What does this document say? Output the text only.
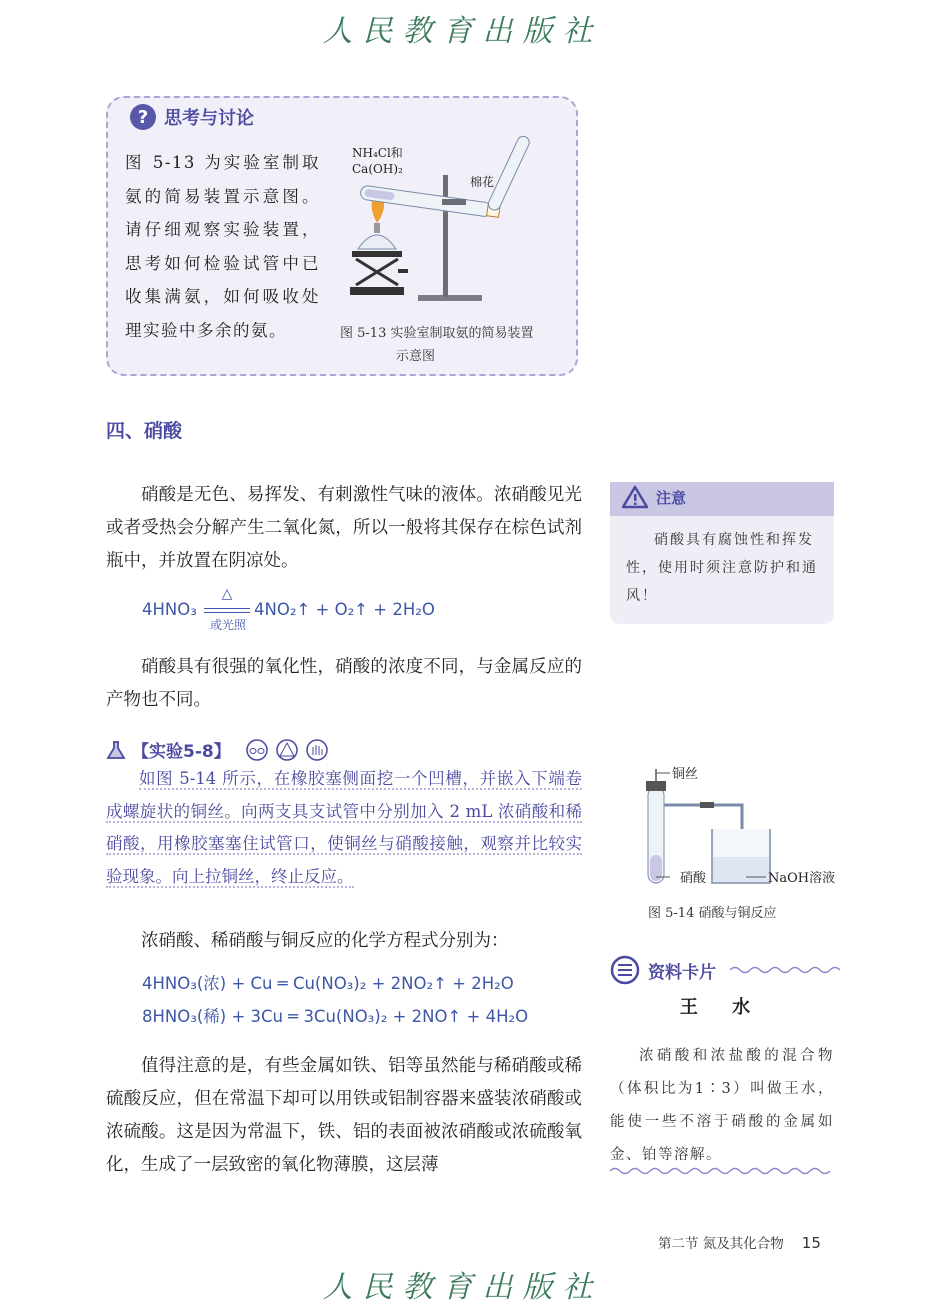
人民教育出版社
? 思考与讨论
图 5-13 为实验室制取氨的简易装置示意图。请仔细观察实验装置，思考如何检验试管中已收集满氨，如何吸收处理实验中多余的氨。
NH₄Cl和
Ca(OH)₂
棉花
图 5-13 实验室制取氨的简易装置
示意图
四、硝酸
硝酸是无色、易挥发、有刺激性气味的液体。浓硝酸见光或者受热会分解产生二氧化氮，所以一般将其保存在棕色试剂瓶中，并放置在阴凉处。
4HNO₃
△
或光照
4NO₂↑ + O₂↑ + 2H₂O
硝酸具有很强的氧化性，硝酸的浓度不同，与金属反应的产物也不同。
注意
硝酸具有腐蚀性和挥发性，使用时须注意防护和通风！
【实验5-8】
如图 5-14 所示，在橡胶塞侧面挖一个凹槽，并嵌入下端卷成螺旋状的铜丝。向两支具支试管中分别加入 2 mL 浓硝酸和稀硝酸，用橡胶塞塞住试管口，使铜丝与硝酸接触，观察并比较实验现象。向上拉铜丝，终止反应。
铜丝
硝酸	NaOH溶液
图 5-14 硝酸与铜反应
浓硝酸、稀硝酸与铜反应的化学方程式分别为：
4HNO₃(浓) + Cu ═ Cu(NO₃)₂ + 2NO₂↑ + 2H₂O
8HNO₃(稀) + 3Cu ═ 3Cu(NO₃)₂ + 2NO↑ + 4H₂O
值得注意的是，有些金属如铁、铝等虽然能与稀硝酸或稀硫酸反应，但在常温下却可以用铁或铝制容器来盛装浓硝酸或浓硫酸。这是因为常温下，铁、铝的表面被浓硝酸或浓硫酸氧化，生成了一层致密的氧化物薄膜，这层薄
资料卡片
王 水
浓硝酸和浓盐酸的混合物（体积比为1∶3）叫做王水，能使一些不溶于硝酸的金属如金、铂等溶解。
第二节 氮及其化合物 15
人民教育出版社
